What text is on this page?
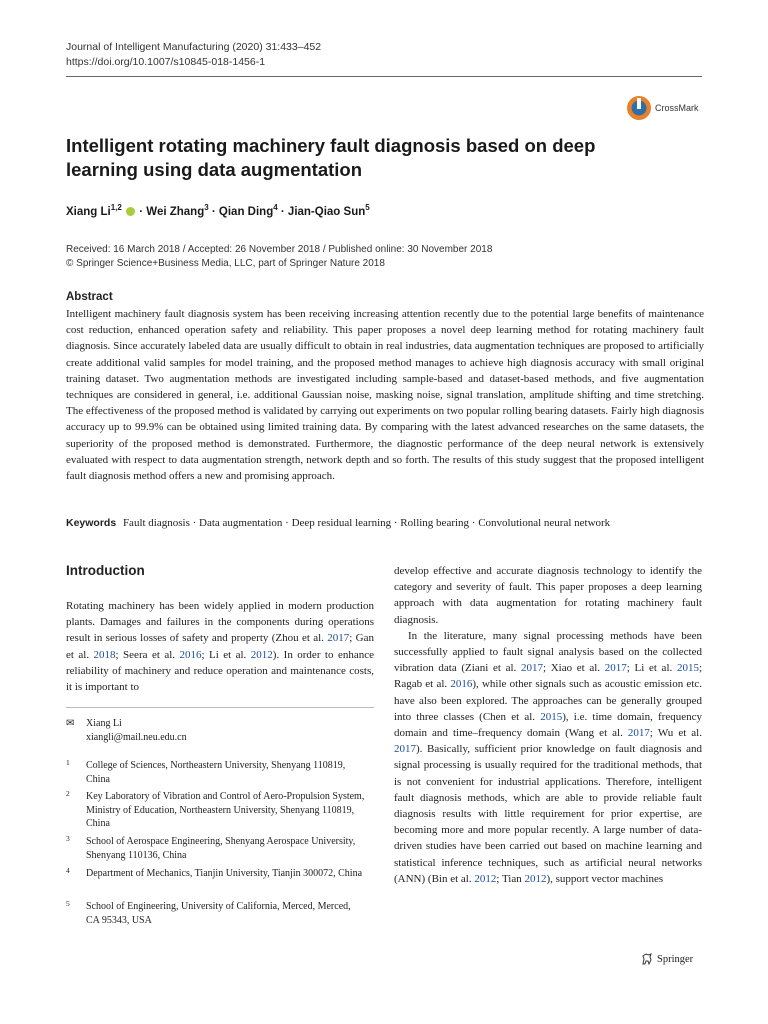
Journal of Intelligent Manufacturing (2020) 31:433–452
https://doi.org/10.1007/s10845-018-1456-1
CrossMark
Intelligent rotating machinery fault diagnosis based on deep learning using data augmentation
Xiang Li$^{1,2}$  · Wei Zhang$^3$ · Qian Ding$^4$ · Jian-Qiao Sun$^5$
Received: 16 March 2018 / Accepted: 26 November 2018 / Published online: 30 November 2018
© Springer Science+Business Media, LLC, part of Springer Nature 2018
Abstract

Intelligent machinery fault diagnosis system has been receiving increasing attention recently due to the potential large benefits of maintenance cost reduction, enhanced operation safety and reliability. This paper proposes a novel deep learning method for rotating machinery fault diagnosis. Since accurately labeled data are usually difficult to obtain in real industries, data augmentation techniques are proposed to artificially create additional valid samples for model training, and the proposed method manages to achieve high diagnosis accuracy with small original training dataset. Two augmentation methods are investigated including sample-based and dataset-based methods, and five augmentation techniques are considered in general, i.e. additional Gaussian noise, masking noise, signal translation, amplitude shifting and time stretching. The effectiveness of the proposed method is validated by carrying out experiments on two popular rolling bearing datasets. Fairly high diagnosis accuracy up to 99.9% can be obtained using limited training data. By comparing with the latest advanced researches on the same datasets, the superiority of the proposed method is demonstrated. Furthermore, the diagnostic performance of the deep neural network is extensively evaluated with respect to data augmentation strength, network depth and so forth. The results of this study suggest that the proposed intelligent fault diagnosis method offers a new and promising approach.

Keywords Fault diagnosis · Data augmentation · Deep residual learning · Rolling bearing · Convolutional neural network
Introduction

Rotating machinery has been widely applied in modern production plants. Damages and failures in the components during operations result in serious losses of safety and property (Zhou et al. 2017; Gan et al. 2018; Seera et al. 2016; Li et al. 2012). In order to enhance reliability of machinery and reduce operation and maintenance costs, it is important to

develop effective and accurate diagnosis technology to identify the category and severity of fault. This paper proposes a deep learning approach with data augmentation for rotating machinery fault diagnosis.

In the literature, many signal processing methods have been successfully applied to fault signal analysis based on the collected vibration data (Ziani et al. 2017; Xiao et al. 2017; Li et al. 2015; Ragab et al. 2016), while other signals such as acoustic emission etc. have also been explored. The approaches can be generally grouped into three classes (Chen et al. 2015), i.e. time domain, frequency domain and time–frequency domain (Wang et al. 2017; Wu et al. 2017). Basically, sufficient prior knowledge on fault diagnosis and signal processing is usually required for the traditional methods, that is not convenient for industrial applications. Therefore, intelligent fault diagnosis methods, which are able to provide reliable fault diagnosis results with little requirement for prior expertise, are becoming more and more popular recently. A large number of data-driven studies have been carried out based on machine learning and statistical inference techniques, such as artificial neural networks (ANN) (Bin et al. 2012; Tian 2012), support vector machines

✉ Xiang Li
xiangli@mail.neu.edu.cn
1 College of Sciences, Northeastern University, Shenyang 110819, China
2 Key Laboratory of Vibration and Control of Aero-Propulsion System, Ministry of Education, Northeastern University, Shenyang 110819, China
3 School of Aerospace Engineering, Shenyang Aerospace University, Shenyang 110136, China
4 Department of Mechanics, Tianjin University, Tianjin 300072, China
5 School of Engineering, University of California, Merced, Merced, CA 95343, USA
Springer
